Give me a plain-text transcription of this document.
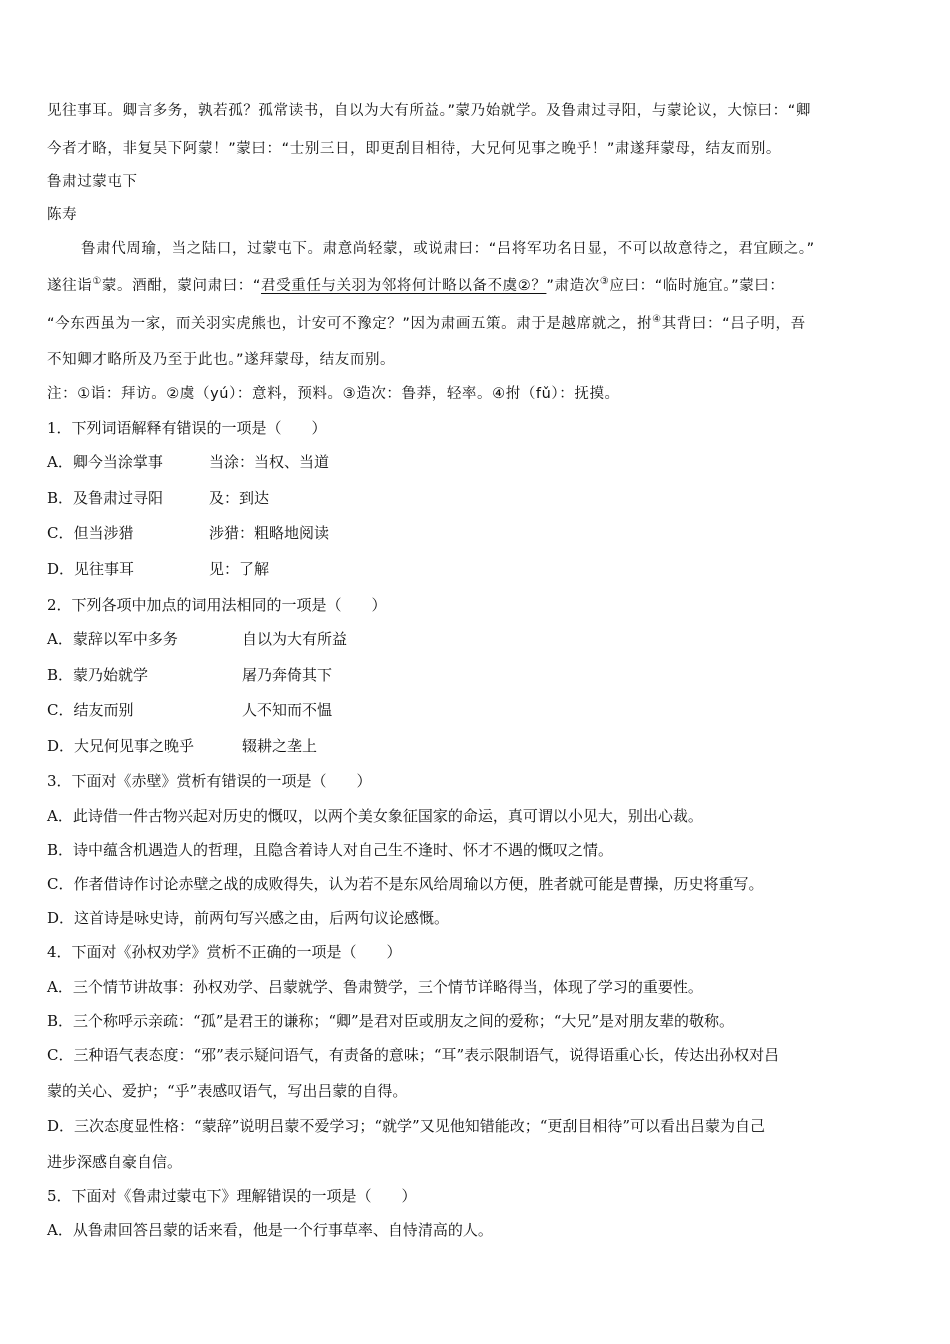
见往事耳。卿言多务，孰若孤？孤常读书，自以为大有所益。”蒙乃始就学。及鲁肃过寻阳，与蒙论议，大惊曰：“卿
今者才略，非复吴下阿蒙！”蒙曰：“士别三日，即更刮目相待，大兄何见事之晚乎！”肃遂拜蒙母，结友而别。
鲁肃过蒙屯下
陈寿
鲁肃代周瑜，当之陆口，过蒙屯下。肃意尚轻蒙，或说肃曰：“吕将军功名日显，不可以故意待之，君宜顾之。”
遂往诣①蒙。酒酣，蒙问肃曰：“君受重任与关羽为邻将何计略以备不虞②？”肃造次③应曰：“临时施宜。”蒙曰：
“今东西虽为一家，而关羽实虎熊也，计安可不豫定？”因为肃画五策。肃于是越席就之，拊④其背曰：“吕子明，吾
不知卿才略所及乃至于此也。”遂拜蒙母，结友而别。
注：①诣：拜访。②虞（yú）：意料，预料。③造次：鲁莽，轻率。④拊（fǔ）：抚摸。
1．下列词语解释有错误的一项是（　　）
A．卿今当涂掌事	当涂：当权、当道
B．及鲁肃过寻阳	及：到达
C．但当涉猎	涉猎：粗略地阅读
D．见往事耳	见：了解
2．下列各项中加点的词用法相同的一项是（　　）
A．蒙辞以军中多务	自以为大有所益
B．蒙乃始就学	屠乃奔倚其下
C．结友而别	人不知而不愠
D．大兄何见事之晚乎	辍耕之垄上
3．下面对《赤壁》赏析有错误的一项是（　　）
A．此诗借一件古物兴起对历史的慨叹，以两个美女象征国家的命运，真可谓以小见大，别出心裁。
B．诗中蕴含机遇造人的哲理，且隐含着诗人对自己生不逢时、怀才不遇的慨叹之情。
C．作者借诗作讨论赤壁之战的成败得失，认为若不是东风给周瑜以方便，胜者就可能是曹操，历史将重写。
D．这首诗是咏史诗，前两句写兴感之由，后两句议论感慨。
4．下面对《孙权劝学》赏析不正确的一项是（　　）
A．三个情节讲故事：孙权劝学、吕蒙就学、鲁肃赞学，三个情节详略得当，体现了学习的重要性。
B．三个称呼示亲疏：“孤”是君王的谦称；“卿”是君对臣或朋友之间的爱称；“大兄”是对朋友辈的敬称。
C．三种语气表态度：“邪”表示疑问语气，有责备的意味；“耳”表示限制语气，说得语重心长，传达出孙权对吕
蒙的关心、爱护；“乎”表感叹语气，写出吕蒙的自得。
D．三次态度显性格：“蒙辞”说明吕蒙不爱学习；“就学”又见他知错能改；“更刮目相待”可以看出吕蒙为自己
进步深感自豪自信。
5．下面对《鲁肃过蒙屯下》理解错误的一项是（　　）
A．从鲁肃回答吕蒙的话来看，他是一个行事草率、自恃清高的人。
